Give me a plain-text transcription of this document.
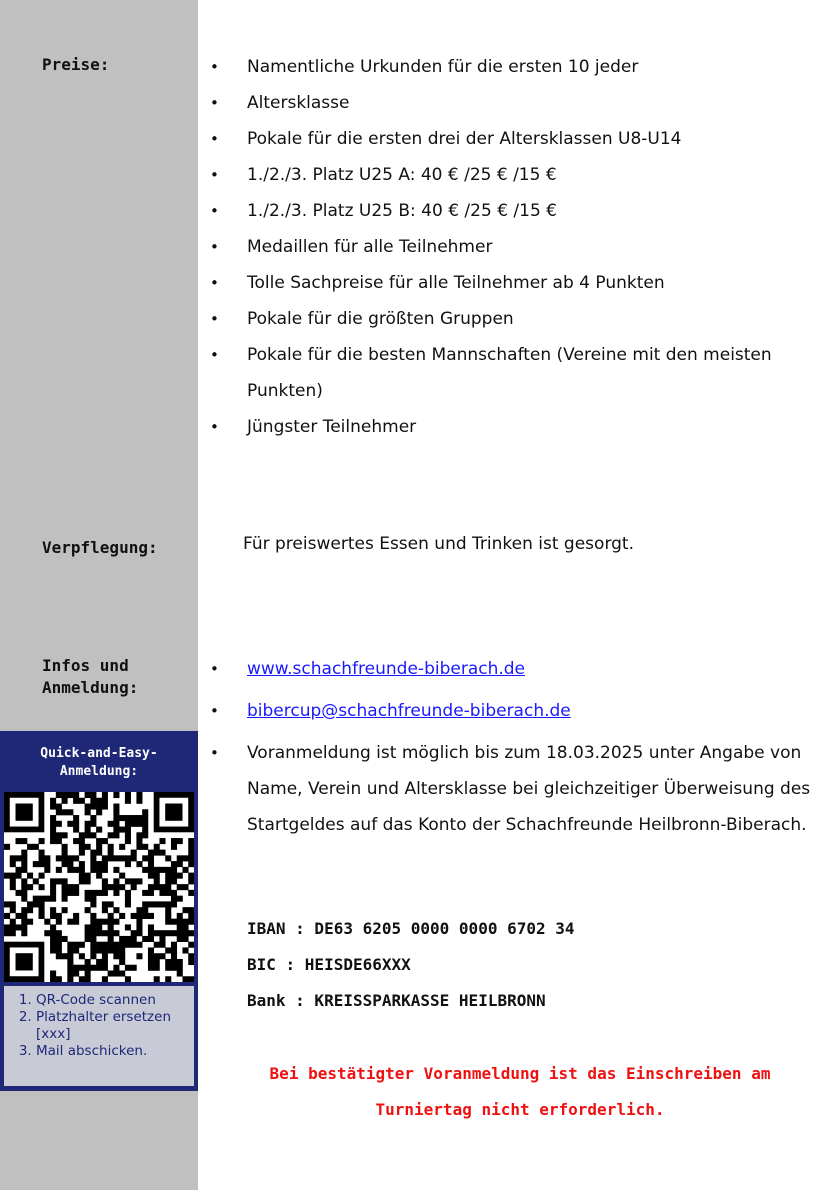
Preise:
•	Namentliche Urkunden für die ersten 10 jeder
• Altersklasse
• Pokale für die ersten drei der Altersklassen U8-U14
• 1./2./3. Platz U25 A: 40 € /25 € /15 €
• 1./2./3. Platz U25 B: 40 € /25 € /15 €
• Medaillen für alle Teilnehmer
• Tolle Sachpreise für alle Teilnehmer ab 4 Punkten
• Pokale für die größten Gruppen
• Pokale für die besten Mannschaften (Vereine mit den meisten Punkten)
• Jüngster Teilnehmer
Verpflegung:	Für preiswertes Essen und Trinken ist gesorgt.
Infos und
Anmeldung:
• www.schachfreunde-biberach.de
• bibercup@schachfreunde-biberach.de
• Voranmeldung ist möglich bis zum 18.03.2025 unter Angabe von Name, Verein und Altersklasse bei gleichzeitiger Überweisung des Startgeldes auf das Konto der Schachfreunde Heilbronn-Biberach.
IBAN : DE63 6205 0000 0000 6702 34
BIC : HEISDE66XXX
Bank : KREISSPARKASSE HEILBRONN
Bei bestätigter Voranmeldung ist das Einschreiben am Turniertag nicht erforderlich.
Quick-and-Easy-
Anmeldung:
1. QR-Code scannen
2. Platzhalter ersetzen [xxx]
3. Mail abschicken.
